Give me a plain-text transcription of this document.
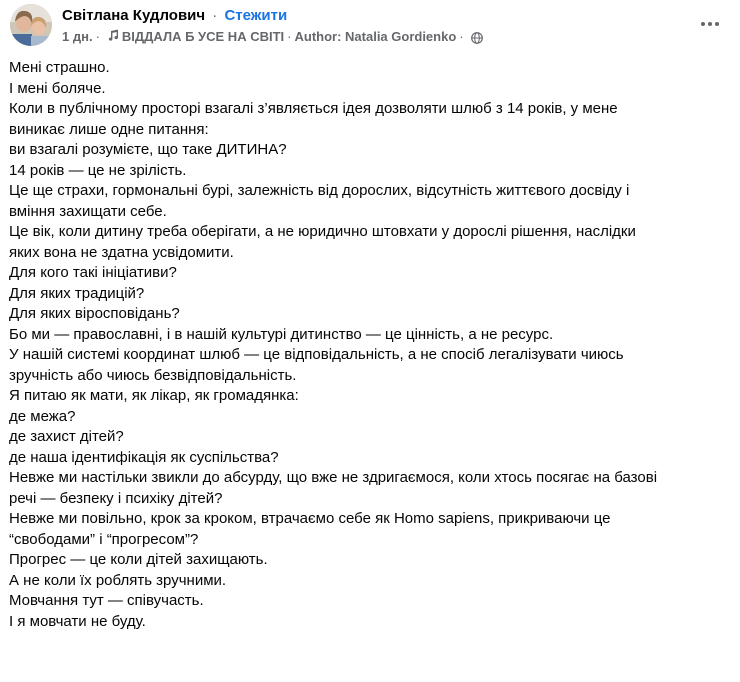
Світлана Кудлович · Стежити
1 дн. · ВІДДАЛА Б УСЕ НА СВІТІ · Author: Natalia Gordienko ·
Мені страшно.
І мені боляче.
Коли в публічному просторі взагалі з’являється ідея дозволяти шлюб з 14 років, у мене
виникає лише одне питання:
ви взагалі розумієте, що таке ДИТИНА?
14 років — це не зрілість.
Це ще страхи, гормональні бурі, залежність від дорослих, відсутність життєвого досвіду і
вміння захищати себе.
Це вік, коли дитину треба оберігати, а не юридично штовхати у дорослі рішення, наслідки
яких вона не здатна усвідомити.
Для кого такі ініціативи?
Для яких традицій?
Для яких віросповідань?
Бо ми — православні, і в нашій культурі дитинство — це цінність, а не ресурс.
У нашій системі координат шлюб — це відповідальність, а не спосіб легалізувати чиюсь
зручність або чиюсь безвідповідальність.
Я питаю як мати, як лікар, як громадянка:
де межа?
де захист дітей?
де наша ідентифікація як суспільства?
Невже ми настільки звикли до абсурду, що вже не здригаємося, коли хтось посягає на базові
речі — безпеку і психіку дітей?
Невже ми повільно, крок за кроком, втрачаємо себе як Homo sapiens, прикриваючи це
“свободами” і “прогресом”?
Прогрес — це коли дітей захищають.
А не коли їх роблять зручними.
Мовчання тут — співучасть.
І я мовчати не буду.
